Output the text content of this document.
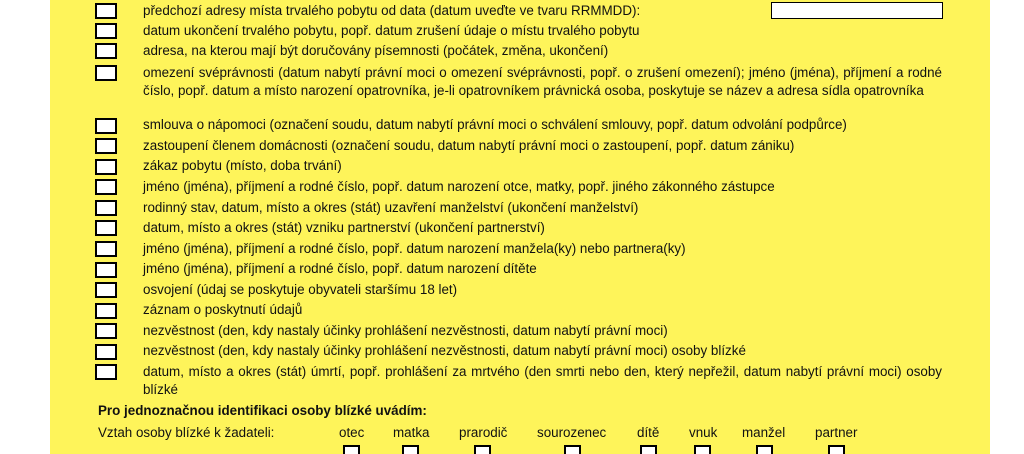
předchozí adresy místa trvalého pobytu od data (datum uveďte ve tvaru RRMMDD):
datum ukončení trvalého pobytu, popř. datum zrušení údaje o místu trvalého pobytu
adresa, na kterou mají být doručovány písemnosti (počátek, změna, ukončení)
omezení svéprávnosti (datum nabytí právní moci o omezení svéprávnosti, popř. o zrušení omezení); jméno (jména), příjmení a rodné číslo, popř. datum a místo narození opatrovníka, je-li opatrovníkem právnická osoba, poskytuje se název a adresa sídla opatrovníka
smlouva o nápomoci (označení soudu, datum nabytí právní moci o schválení smlouvy, popř. datum odvolání podpůrce)
zastoupení členem domácnosti (označení soudu, datum nabytí právní moci o zastoupení, popř. datum zániku)
zákaz pobytu (místo, doba trvání)
jméno (jména), příjmení a rodné číslo, popř. datum narození otce, matky, popř. jiného zákonného zástupce
rodinný stav, datum, místo a okres (stát) uzavření manželství (ukončení manželství)
datum, místo a okres (stát) vzniku partnerství (ukončení partnerství)
jméno (jména), příjmení a rodné číslo, popř. datum narození manžela(ky) nebo partnera(ky)
jméno (jména), příjmení a rodné číslo, popř. datum narození dítěte
osvojení (údaj se poskytuje obyvateli staršímu 18 let)
záznam o poskytnutí údajů
nezvěstnost (den, kdy nastaly účinky prohlášení nezvěstnosti, datum nabytí právní moci)
nezvěstnost (den, kdy nastaly účinky prohlášení nezvěstnosti, datum nabytí právní moci) osoby blízké
datum, místo a okres (stát) úmrtí, popř. prohlášení za mrtvého (den smrti nebo den, který nepřežil, datum nabytí právní moci) osoby blízké
Pro jednoznačnou identifikaci osoby blízké uvádím:
Vztah osoby blízké k žadateli:	otec matka prarodič sourozenec dítě vnuk manžel partner
